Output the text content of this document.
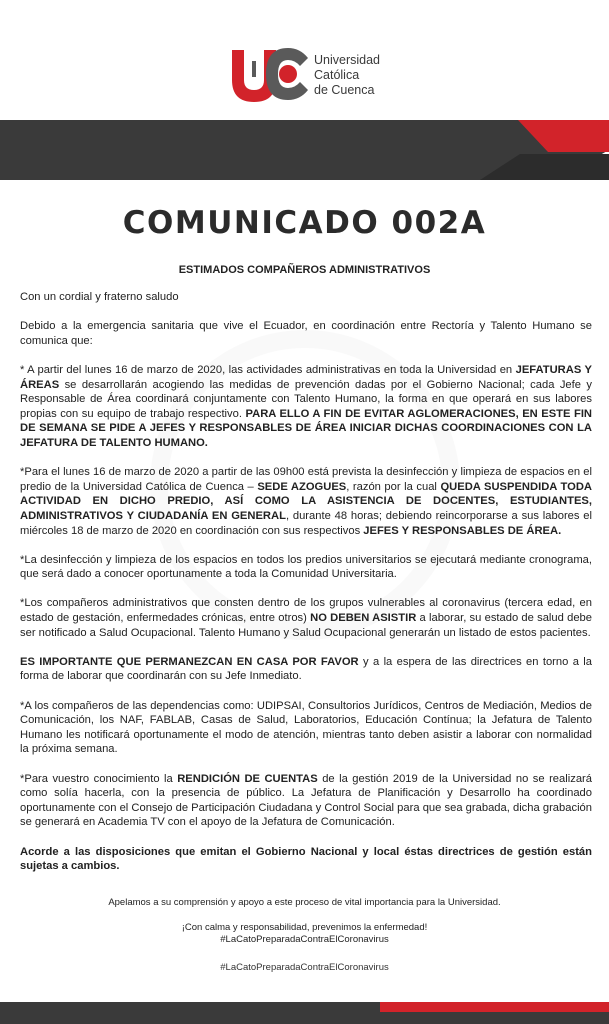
Universidad
Católica
de Cuenca
COMUNICADO 002A
ESTIMADOS COMPAÑEROS ADMINISTRATIVOS

Con un cordial y fraterno saludo

Debido a la emergencia sanitaria que vive el Ecuador, en coordinación entre Rectoría y Talento Humano se comunica que:

* A partir del lunes 16 de marzo de 2020, las actividades administrativas en toda la Universidad en JEFATURAS Y ÁREAS se desarrollarán acogiendo las medidas de prevención dadas por el Gobierno Nacional; cada Jefe y Responsable de Área coordinará conjuntamente con Talento Humano, la forma en que operará en sus labores propias con su equipo de trabajo respectivo. PARA ELLO A FIN DE EVITAR AGLOMERACIONES, EN ESTE FIN DE SEMANA SE PIDE A JEFES Y RESPONSABLES DE ÁREA INICIAR DICHAS COORDINACIONES CON LA JEFATURA DE TALENTO HUMANO.

*Para el lunes 16 de marzo de 2020 a partir de las 09h00 está prevista la desinfección y limpieza de espacios en el predio de la Universidad Católica de Cuenca – SEDE AZOGUES, razón por la cual QUEDA SUSPENDIDA TODA ACTIVIDAD EN DICHO PREDIO, ASÍ COMO LA ASISTENCIA DE DOCENTES, ESTUDIANTES, ADMINISTRATIVOS Y CIUDADANÍA EN GENERAL, durante 48 horas; debiendo reincorporarse a sus labores el miércoles 18 de marzo de 2020 en coordinación con sus respectivos JEFES Y RESPONSABLES DE ÁREA.

*La desinfección y limpieza de los espacios en todos los predios universitarios se ejecutará mediante cronograma, que será dado a conocer oportunamente a toda la Comunidad Universitaria.

*Los compañeros administrativos que consten dentro de los grupos vulnerables al coronavirus (tercera edad, en estado de gestación, enfermedades crónicas, entre otros) NO DEBEN ASISTIR a laborar, su estado de salud debe ser notificado a Salud Ocupacional. Talento Humano y Salud Ocupacional generarán un listado de estos pacientes.

ES IMPORTANTE QUE PERMANEZCAN EN CASA POR FAVOR y a la espera de las directrices en torno a la forma de laborar que coordinarán con su Jefe Inmediato.

*A los compañeros de las dependencias como: UDIPSAI, Consultorios Jurídicos, Centros de Mediación, Medios de Comunicación, los NAF, FABLAB, Casas de Salud, Laboratorios, Educación Contínua; la Jefatura de Talento Humano les notificará oportunamente el modo de atención, mientras tanto deben asistir a laborar con normalidad la próxima semana.

*Para vuestro conocimiento la RENDICIÓN DE CUENTAS de la gestión 2019 de la Universidad no se realizará como solía hacerla, con la presencia de público. La Jefatura de Planificación y Desarrollo ha coordinado oportunamente con el Consejo de Participación Ciudadana y Control Social para que sea grabada, dicha grabación se generará en Academia TV con el apoyo de la Jefatura de Comunicación.

Acorde a las disposiciones que emitan el Gobierno Nacional y local éstas directrices de gestión están sujetas a cambios.

Apelamos a su comprensión y apoyo a este proceso de vital importancia para la Universidad.
¡Con calma y responsabilidad, prevenimos la enfermedad!
#LaCatoPreparadaContraElCoronavirus
#LaCatoPreparadaContraElCoronavirus
